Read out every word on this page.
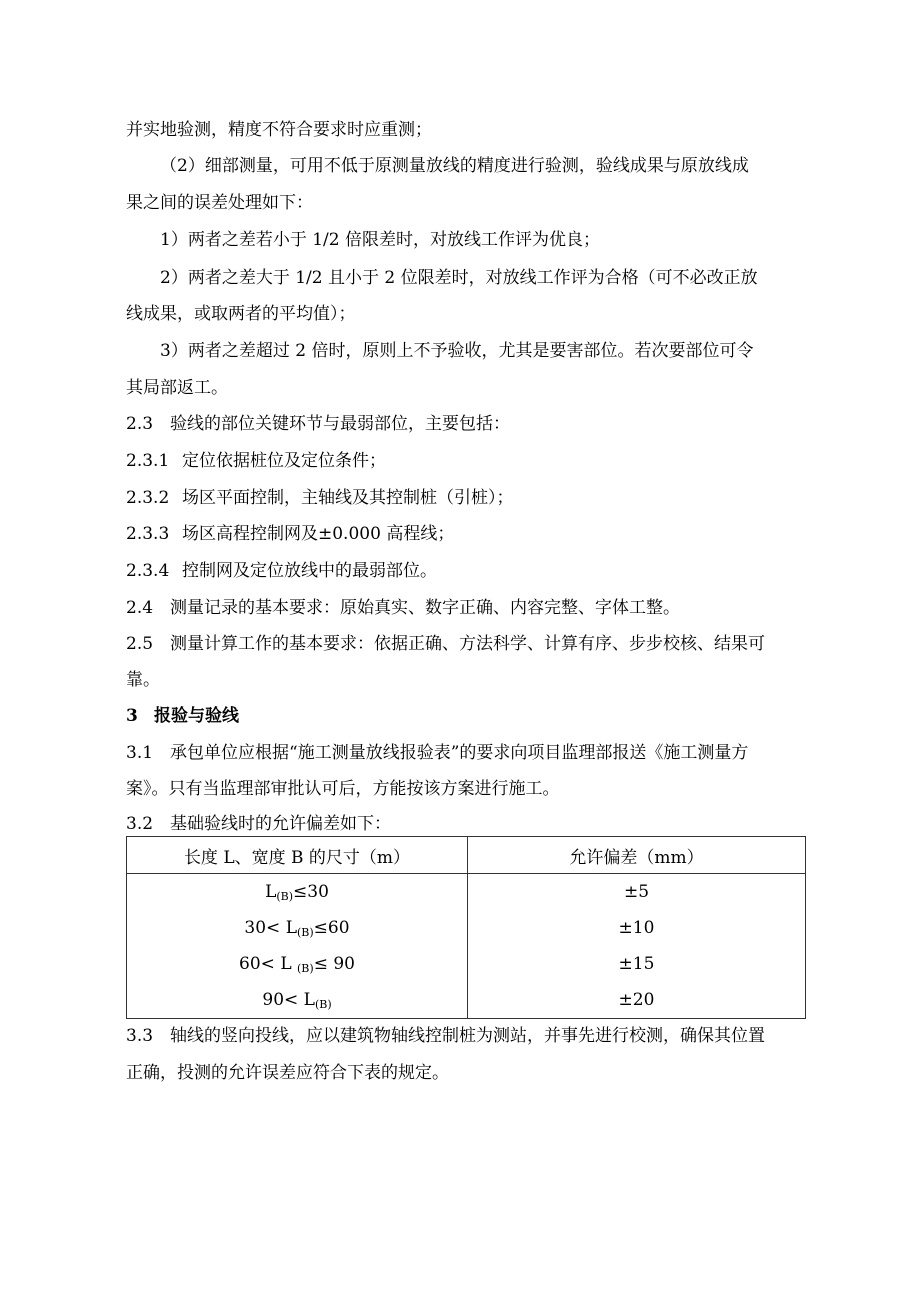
并实地验测，精度不符合要求时应重测；
（2）细部测量，可用不低于原测量放线的精度进行验测，验线成果与原放线成
果之间的误差处理如下：
1）两者之差若小于 1/2 倍限差时，对放线工作评为优良；
2）两者之差大于 1/2 且小于 2 位限差时，对放线工作评为合格（可不必改正放
线成果，或取两者的平均值）；
3）两者之差超过 2 倍时，原则上不予验收，尤其是要害部位。若次要部位可令
其局部返工。
2.3 验线的部位关键环节与最弱部位，主要包括：
2.3.1 定位依据桩位及定位条件；
2.3.2 场区平面控制，主轴线及其控制桩（引桩）；
2.3.3 场区高程控制网及±0.000 高程线；
2.3.4 控制网及定位放线中的最弱部位。
2.4 测量记录的基本要求：原始真实、数字正确、内容完整、字体工整。
2.5 测量计算工作的基本要求：依据正确、方法科学、计算有序、步步校核、结果可
靠。
3 报验与验线
3.1 承包单位应根据“施工测量放线报验表”的要求向项目监理部报送《施工测量方
案》。只有当监理部审批认可后，方能按该方案进行施工。
3.2 基础验线时的允许偏差如下：
长度 L、宽度 B 的尺寸（m）	允许偏差（mm）
$L_{(B)}\le 30$	±5
$30< L_{(B)}\le 60$	±10
60< L $_{(B)}$≤ 90	±15
$90< L_{(B)}$	±20
3.3 轴线的竖向投线，应以建筑物轴线控制桩为测站，并事先进行校测，确保其位置
正确，投测的允许误差应符合下表的规定。
